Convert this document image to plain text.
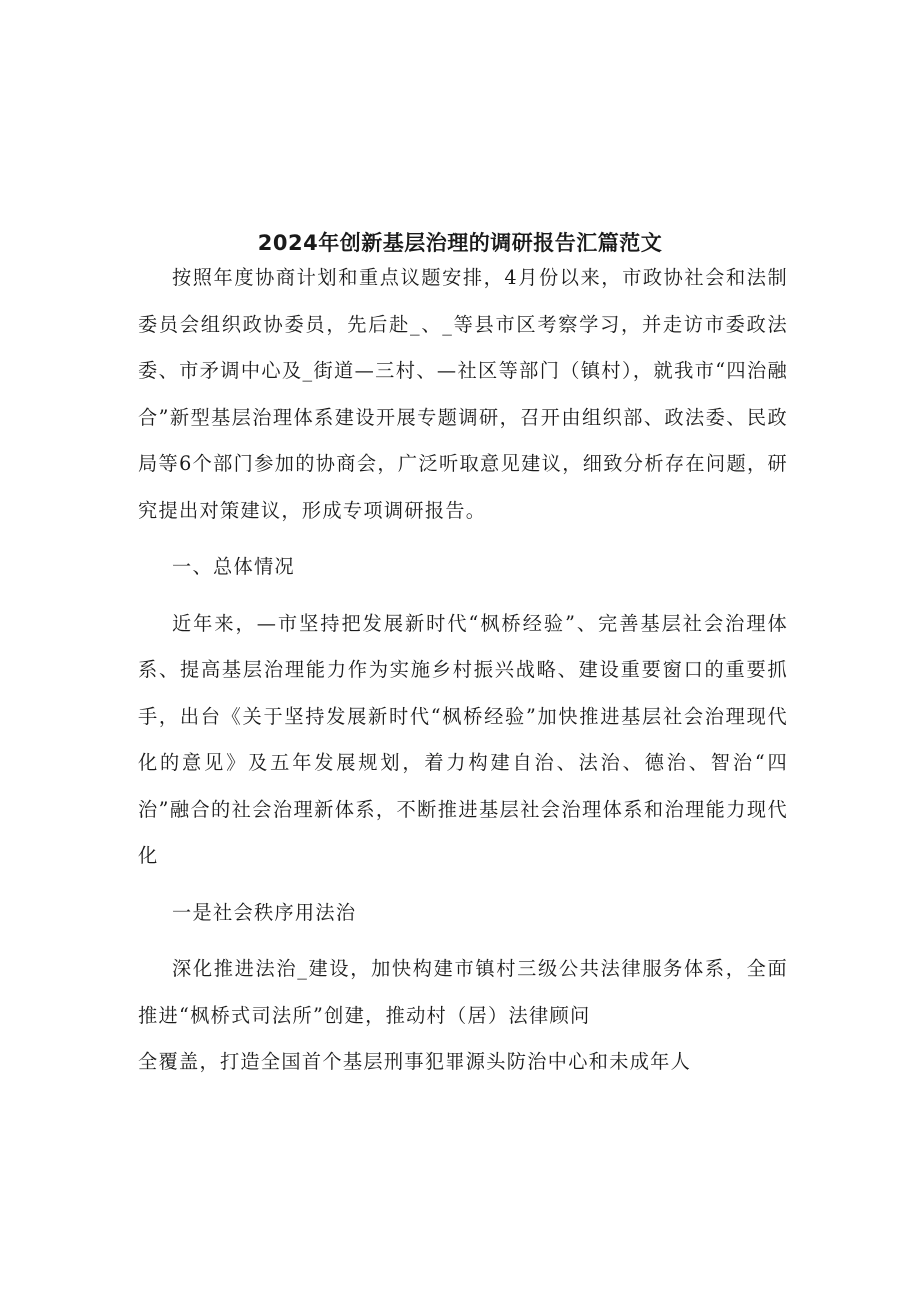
2024年创新基层治理的调研报告汇篇范文

按照年度协商计划和重点议题安排，4月份以来，市政协社会和法制委员会组织政协委员，先后赴_、_等县市区考察学习，并走访市委政法委、市矛调中心及_街道—三村、—社区等部门（镇村），就我市“四治融合”新型基层治理体系建设开展专题调研，召开由组织部、政法委、民政局等6个部门参加的协商会，广泛听取意见建议，细致分析存在问题，研究提出对策建议，形成专项调研报告。

一、总体情况

近年来，—市坚持把发展新时代“枫桥经验”、完善基层社会治理体系、提高基层治理能力作为实施乡村振兴战略、建设重要窗口的重要抓手，出台《关于坚持发展新时代“枫桥经验”加快推进基层社会治理现代化的意见》及五年发展规划，着力构建自治、法治、德治、智治“四治”融合的社会治理新体系，不断推进基层社会治理体系和治理能力现代化

一是社会秩序用法治

深化推进法治_建设，加快构建市镇村三级公共法律服务体系，全面推进“枫桥式司法所”创建，推动村（居）法律顾问

全覆盖，打造全国首个基层刑事犯罪源头防治中心和未成年人
